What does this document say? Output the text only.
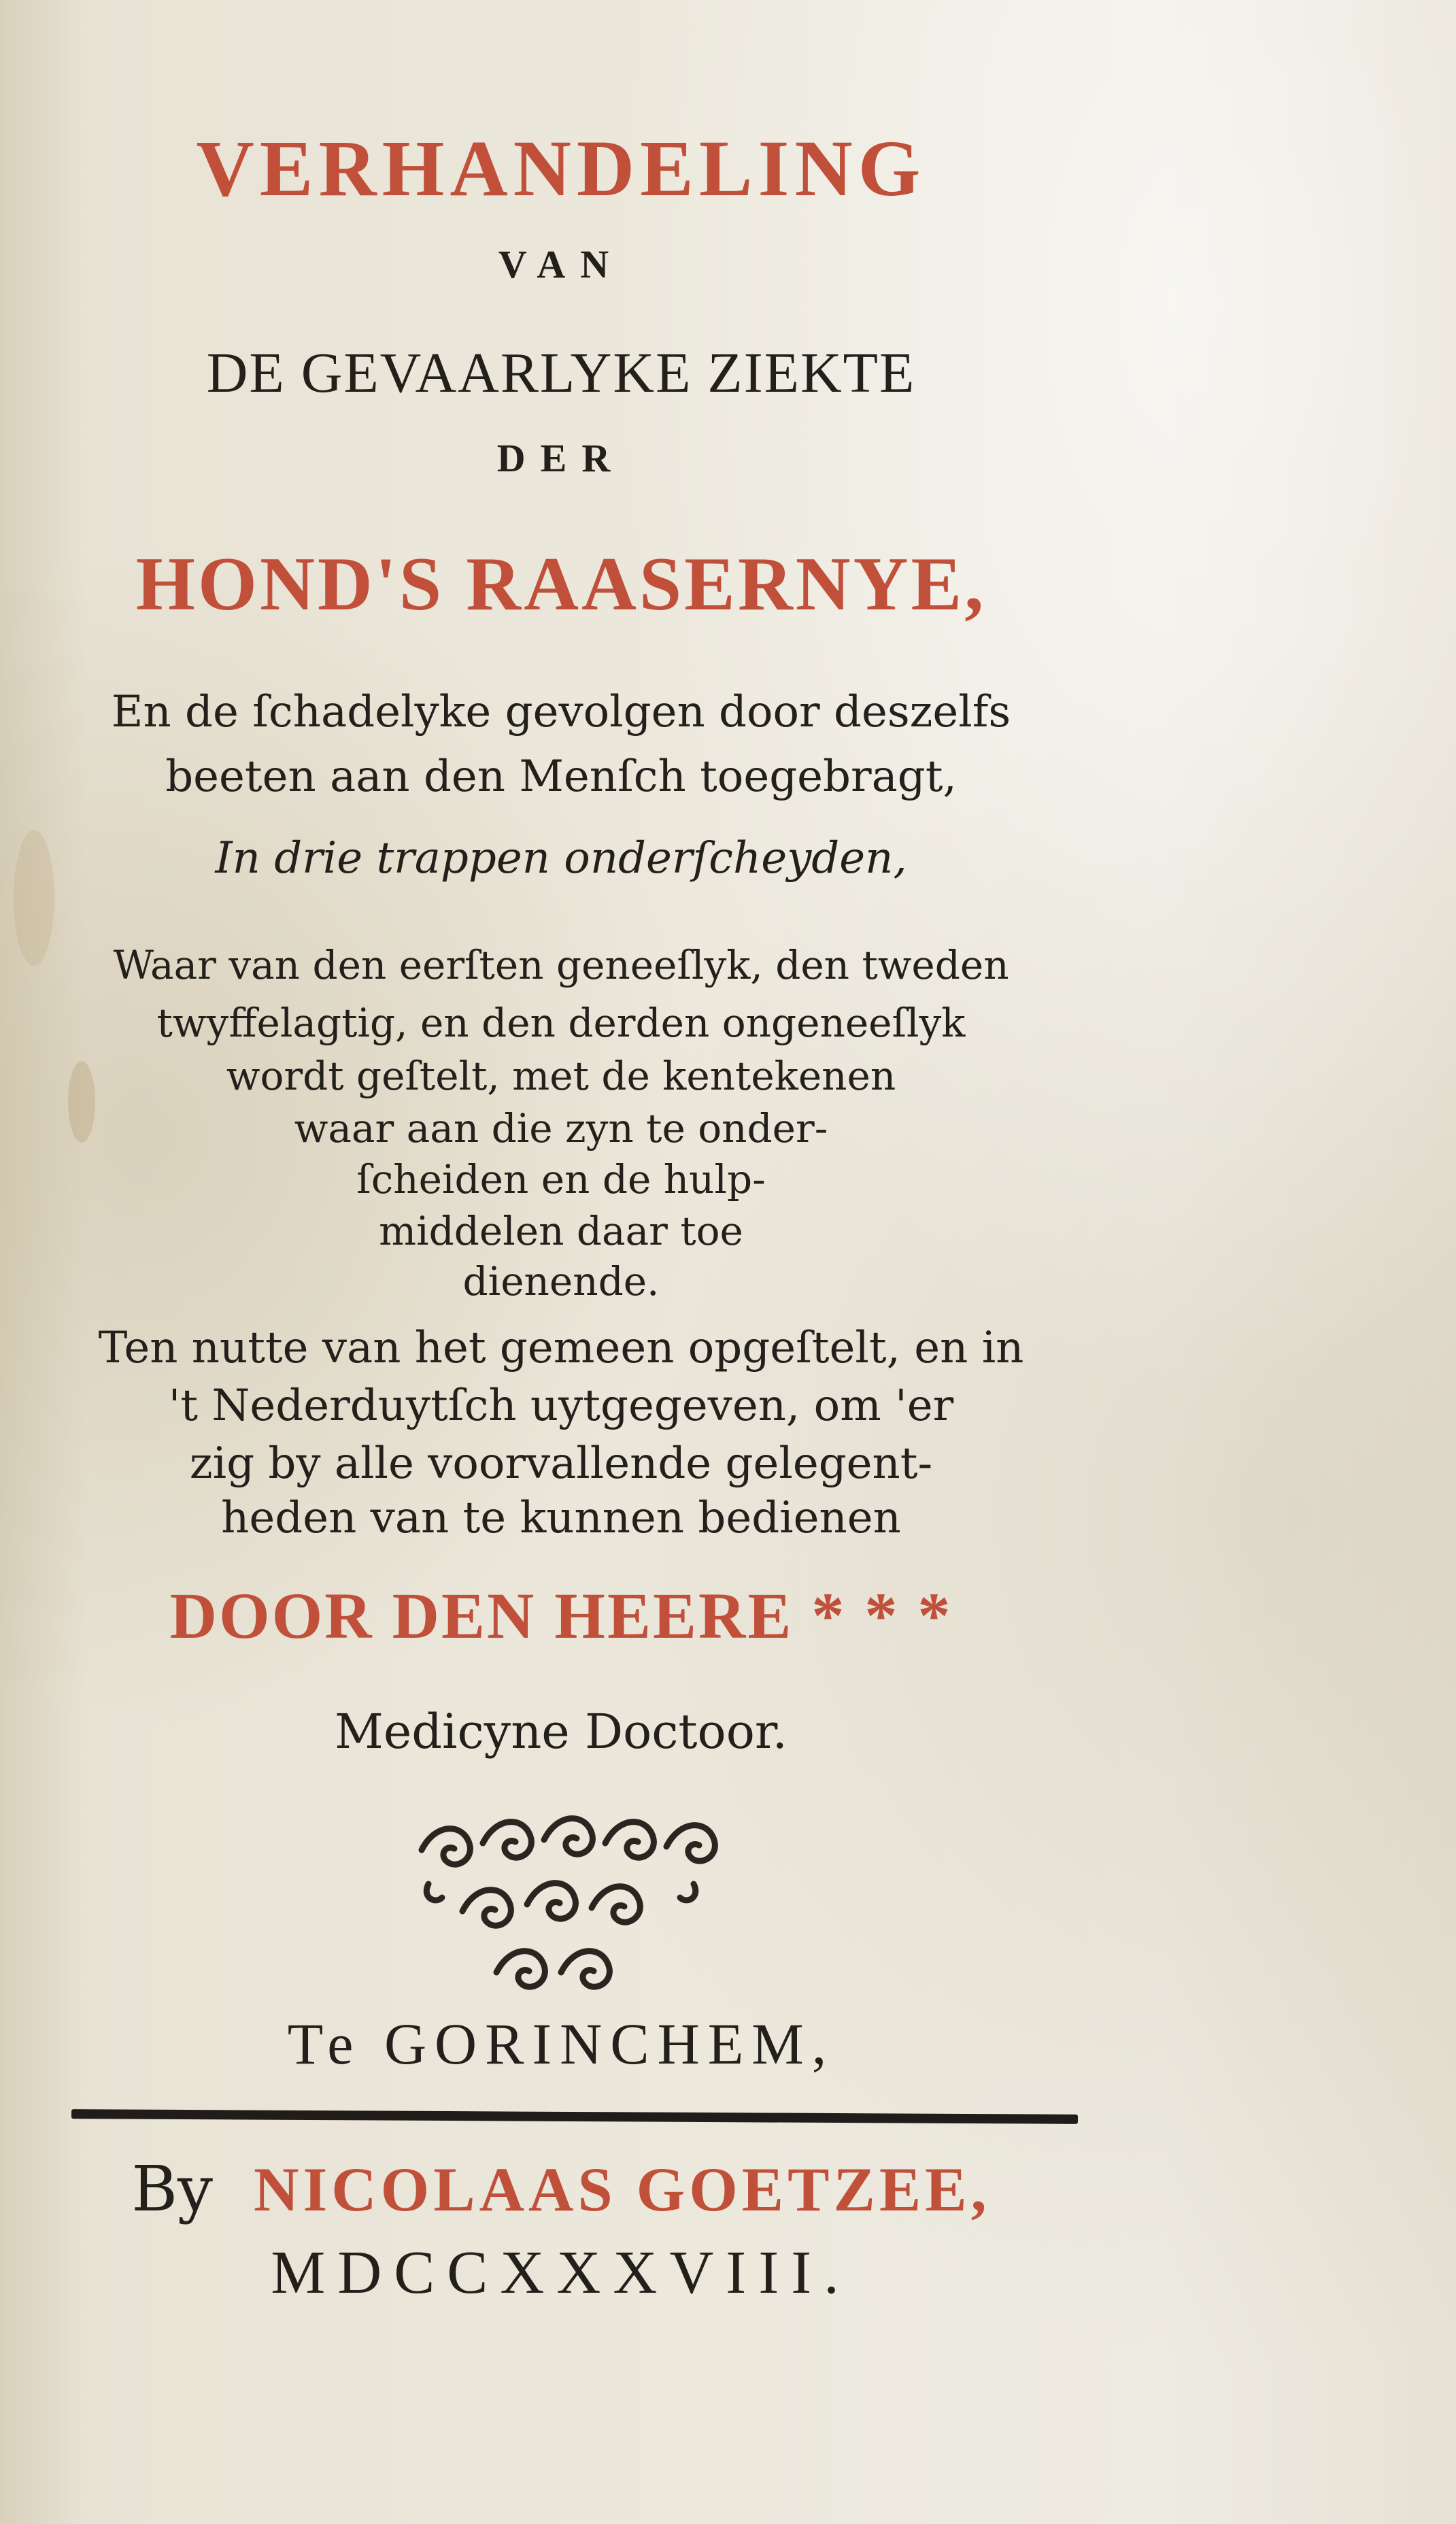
VERHANDELING
VAN
DE GEVAARLYKE ZIEKTE
DER
HOND'S RAASERNYE,
En de ſchadelyke gevolgen door deszelfs
beeten aan den Menſch toegebragt,
In drie trappen onderſcheyden,
Waar van den eerſten geneeſlyk, den tweden
twyffelagtig, en den derden ongeneeſlyk
wordt geſtelt, met de kentekenen
waar aan die zyn te onder-
ſcheiden en de hulp-
middelen daar toe
dienende.
Ten nutte van het gemeen opgeſtelt, en in
't Nederduytſch uytgegeven, om 'er
zig by alle voorvallende gelegent-
heden van te kunnen bedienen
DOOR DEN HEERE * * *
Medicyne Doctoor.
Te GORINCHEM,
By NICOLAAS GOETZEE,
MDCCXXXVIII.
